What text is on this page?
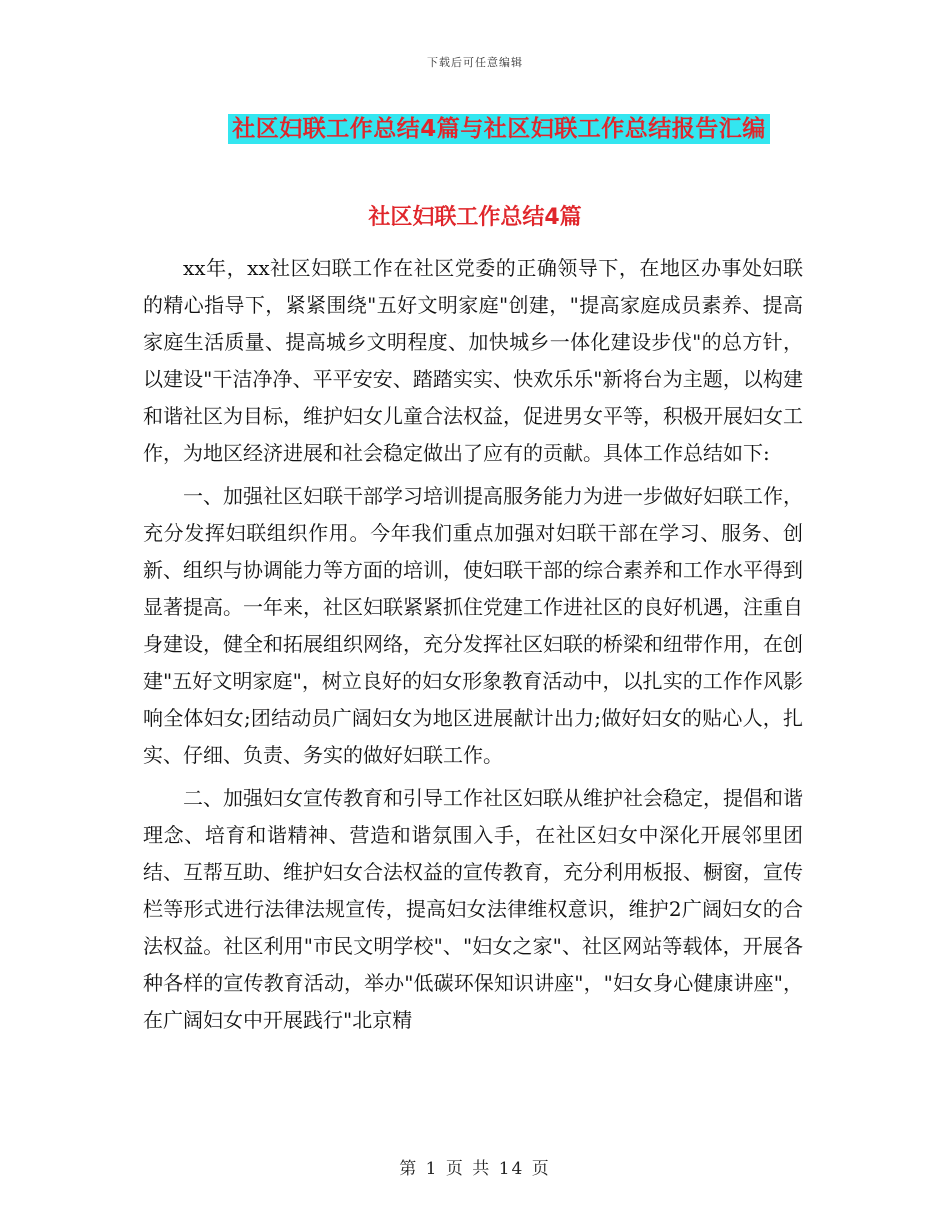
下载后可任意编辑
社区妇联工作总结4篇与社区妇联工作总结报告汇编
社区妇联工作总结4篇

xx年，xx社区妇联工作在社区党委的正确领导下，在地区办事处妇联的精心指导下，紧紧围绕"五好文明家庭"创建，"提高家庭成员素养、提高家庭生活质量、提高城乡文明程度、加快城乡一体化建设步伐"的总方针，以建设"干洁净净、平平安安、踏踏实实、快欢乐乐"新将台为主题，以构建和谐社区为目标，维护妇女儿童合法权益，促进男女平等，积极开展妇女工作，为地区经济进展和社会稳定做出了应有的贡献。具体工作总结如下:

一、加强社区妇联干部学习培训提高服务能力为进一步做好妇联工作，充分发挥妇联组织作用。今年我们重点加强对妇联干部在学习、服务、创新、组织与协调能力等方面的培训，使妇联干部的综合素养和工作水平得到显著提高。一年来，社区妇联紧紧抓住党建工作进社区的良好机遇，注重自身建设，健全和拓展组织网络，充分发挥社区妇联的桥梁和纽带作用，在创建"五好文明家庭"，树立良好的妇女形象教育活动中，以扎实的工作作风影响全体妇女;团结动员广阔妇女为地区进展献计出力;做好妇女的贴心人，扎实、仔细、负责、务实的做好妇联工作。

二、加强妇女宣传教育和引导工作社区妇联从维护社会稳定，提倡和谐理念、培育和谐精神、营造和谐氛围入手，在社区妇女中深化开展邻里团结、互帮互助、维护妇女合法权益的宣传教育，充分利用板报、橱窗，宣传栏等形式进行法律法规宣传，提高妇女法律维权意识，维护2广阔妇女的合法权益。社区利用"市民文明学校"、"妇女之家"、社区网站等载体，开展各种各样的宣传教育活动，举办"低碳环保知识讲座"，"妇女身心健康讲座"，在广阔妇女中开展践行"北京精

第 1 页 共 14 页
